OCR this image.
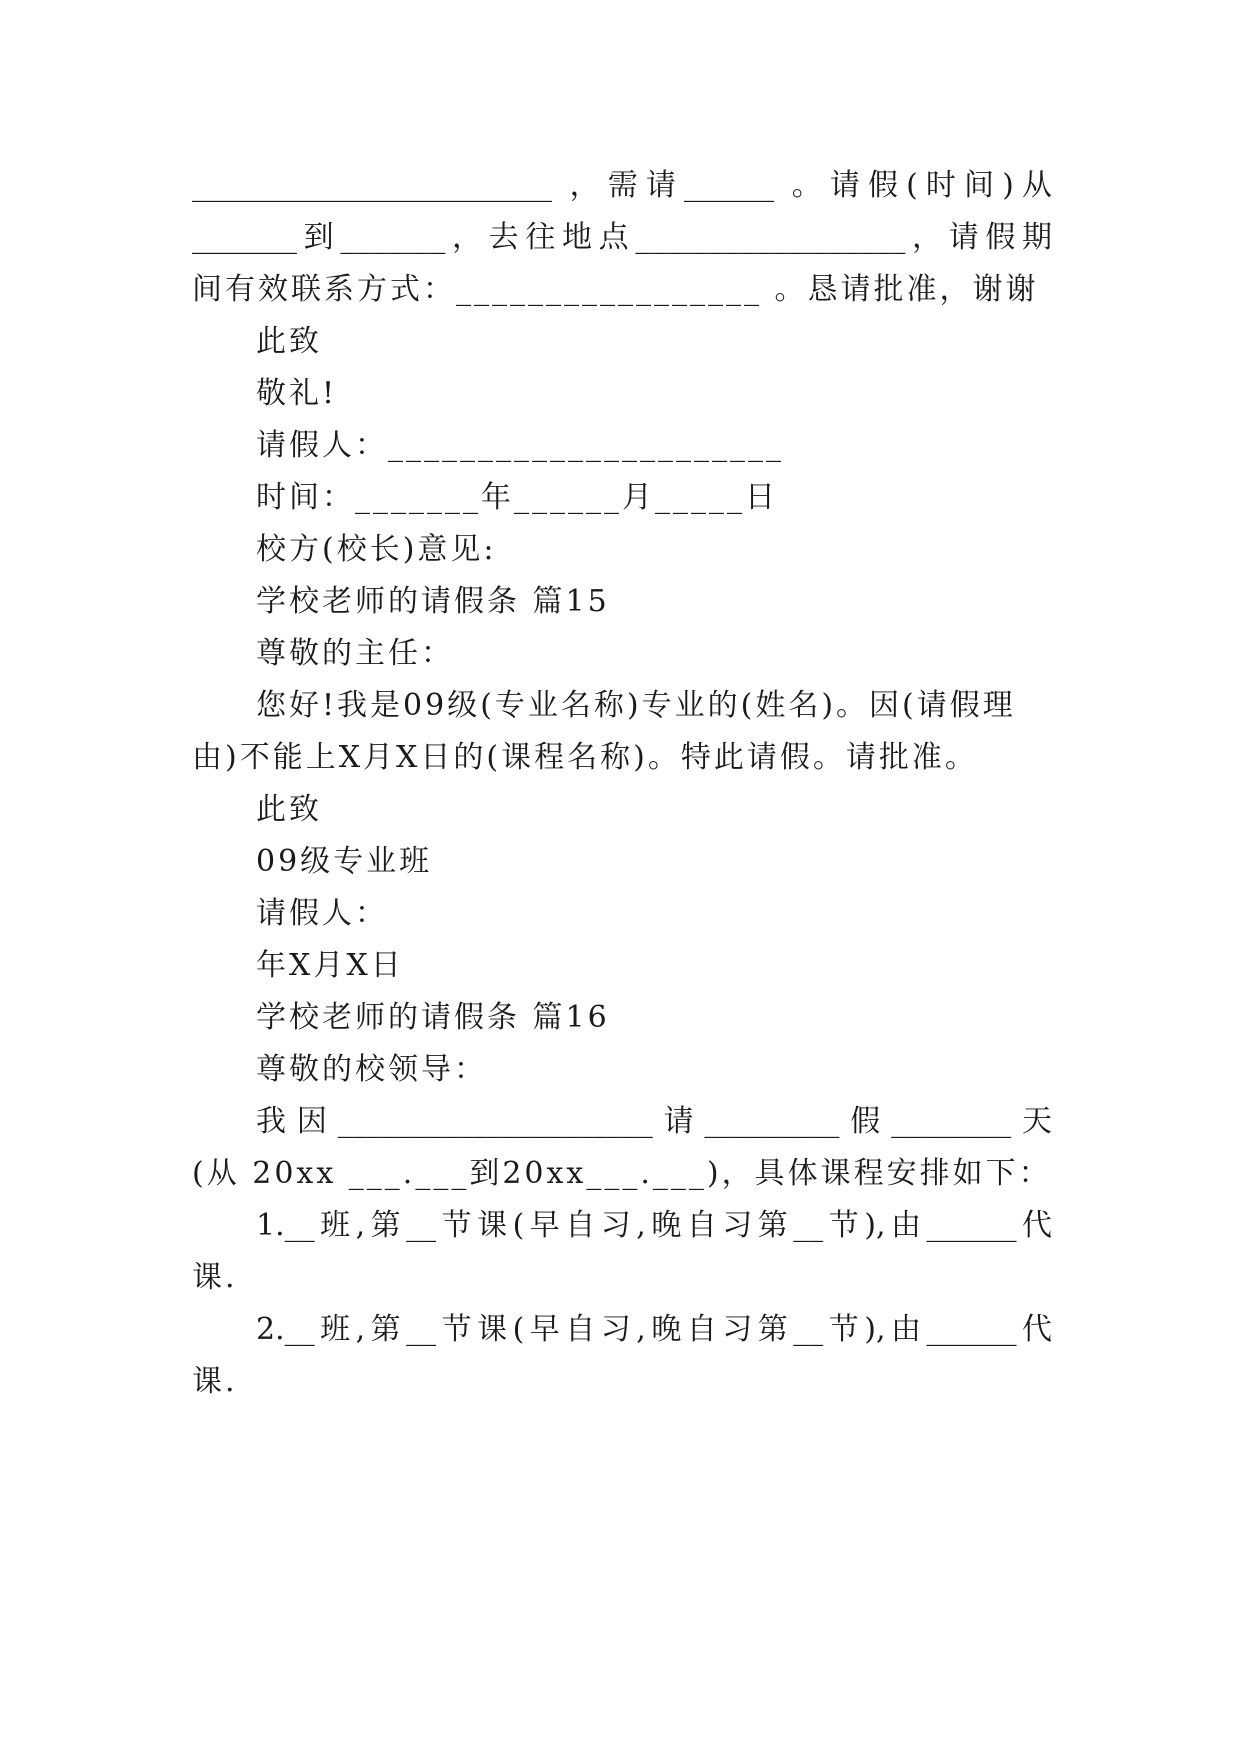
________________________ ，需请______ 。请假(时间)从
_______到_______，去往地点__________________，请假期
间有效联系方式：_________________ 。恳请批准，谢谢
此致
敬礼!
请假人：______________________
时间：_______年______月_____日
校方(校长)意见:
学校老师的请假条 篇15
尊敬的主任：
您好!我是09级(专业名称)专业的(姓名)。因(请假理
由)不能上X月X日的(课程名称)。特此请假。请批准。
此致
09级专业班
请假人：
年X月X日
学校老师的请假条 篇16
尊敬的校领导：
我因_____________________请_________假________天
(从 20xx ___.___到20xx___.___)，具体课程安排如下：
1.__班,第__节课(早自习,晚自习第__节),由______代
课.
2.__班,第__节课(早自习,晚自习第__节),由______代
课.
